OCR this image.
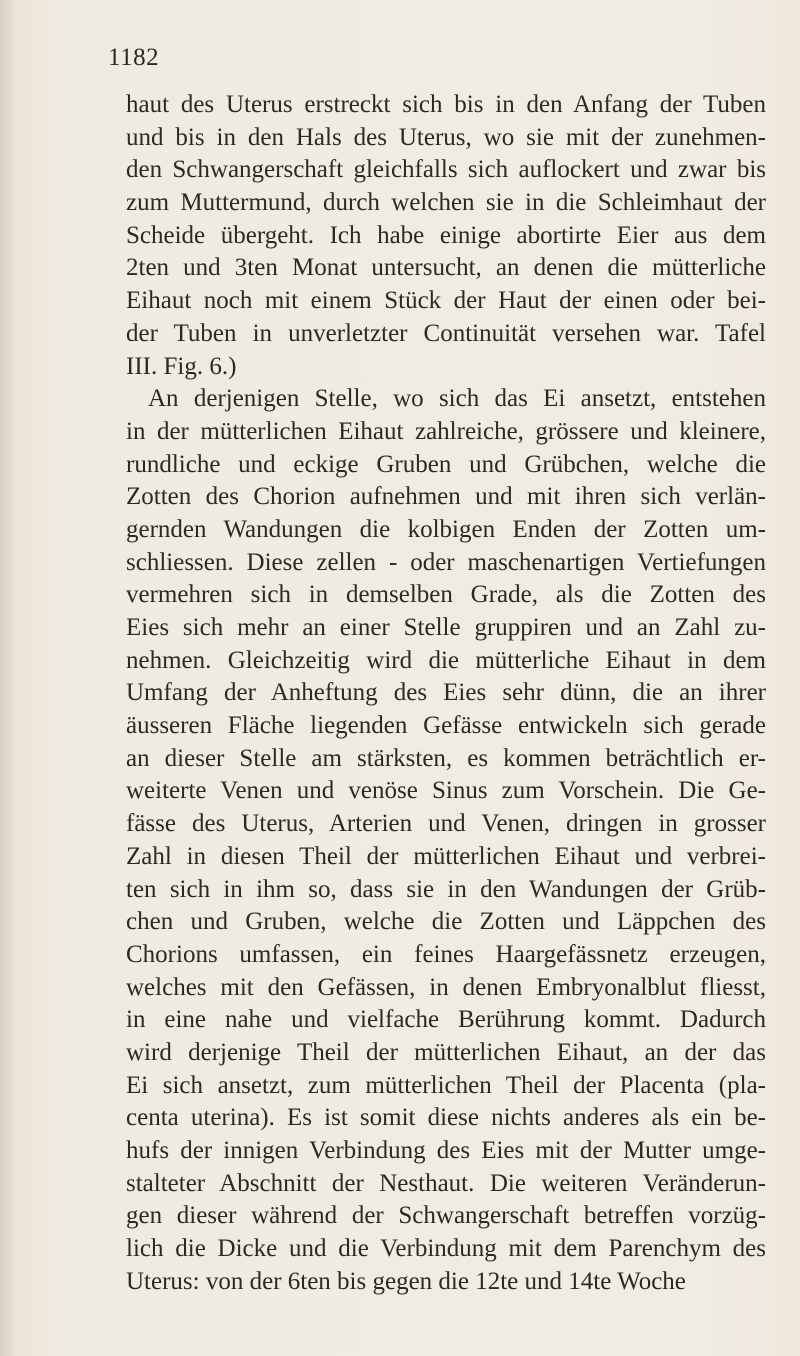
1182
haut des Uterus erstreckt sich bis in den Anfang der Tuben
und bis in den Hals des Uterus, wo sie mit der zunehmen-
den Schwangerschaft gleichfalls sich auflockert und zwar bis
zum Muttermund, durch welchen sie in die Schleimhaut der
Scheide übergeht. Ich habe einige abortirte Eier aus dem
2ten und 3ten Monat untersucht, an denen die mütterliche
Eihaut noch mit einem Stück der Haut der einen oder bei-
der Tuben in unverletzter Continuität versehen war. Tafel
III. Fig. 6.)
An derjenigen Stelle, wo sich das Ei ansetzt, entstehen
in der mütterlichen Eihaut zahlreiche, grössere und kleinere,
rundliche und eckige Gruben und Grübchen, welche die
Zotten des Chorion aufnehmen und mit ihren sich verlän-
gernden Wandungen die kolbigen Enden der Zotten um-
schliessen. Diese zellen - oder maschenartigen Vertiefungen
vermehren sich in demselben Grade, als die Zotten des
Eies sich mehr an einer Stelle gruppiren und an Zahl zu-
nehmen. Gleichzeitig wird die mütterliche Eihaut in dem
Umfang der Anheftung des Eies sehr dünn, die an ihrer
äusseren Fläche liegenden Gefässe entwickeln sich gerade
an dieser Stelle am stärksten, es kommen beträchtlich er-
weiterte Venen und venöse Sinus zum Vorschein. Die Ge-
fässe des Uterus, Arterien und Venen, dringen in grosser
Zahl in diesen Theil der mütterlichen Eihaut und verbrei-
ten sich in ihm so, dass sie in den Wandungen der Grüb-
chen und Gruben, welche die Zotten und Läppchen des
Chorions umfassen, ein feines Haargefässnetz erzeugen,
welches mit den Gefässen, in denen Embryonalblut fliesst,
in eine nahe und vielfache Berührung kommt. Dadurch
wird derjenige Theil der mütterlichen Eihaut, an der das
Ei sich ansetzt, zum mütterlichen Theil der Placenta (pla-
centa uterina). Es ist somit diese nichts anderes als ein be-
hufs der innigen Verbindung des Eies mit der Mutter umge-
stalteter Abschnitt der Nesthaut. Die weiteren Veränderun-
gen dieser während der Schwangerschaft betreffen vorzüg-
lich die Dicke und die Verbindung mit dem Parenchym des
Uterus: von der 6ten bis gegen die 12te und 14te Woche
